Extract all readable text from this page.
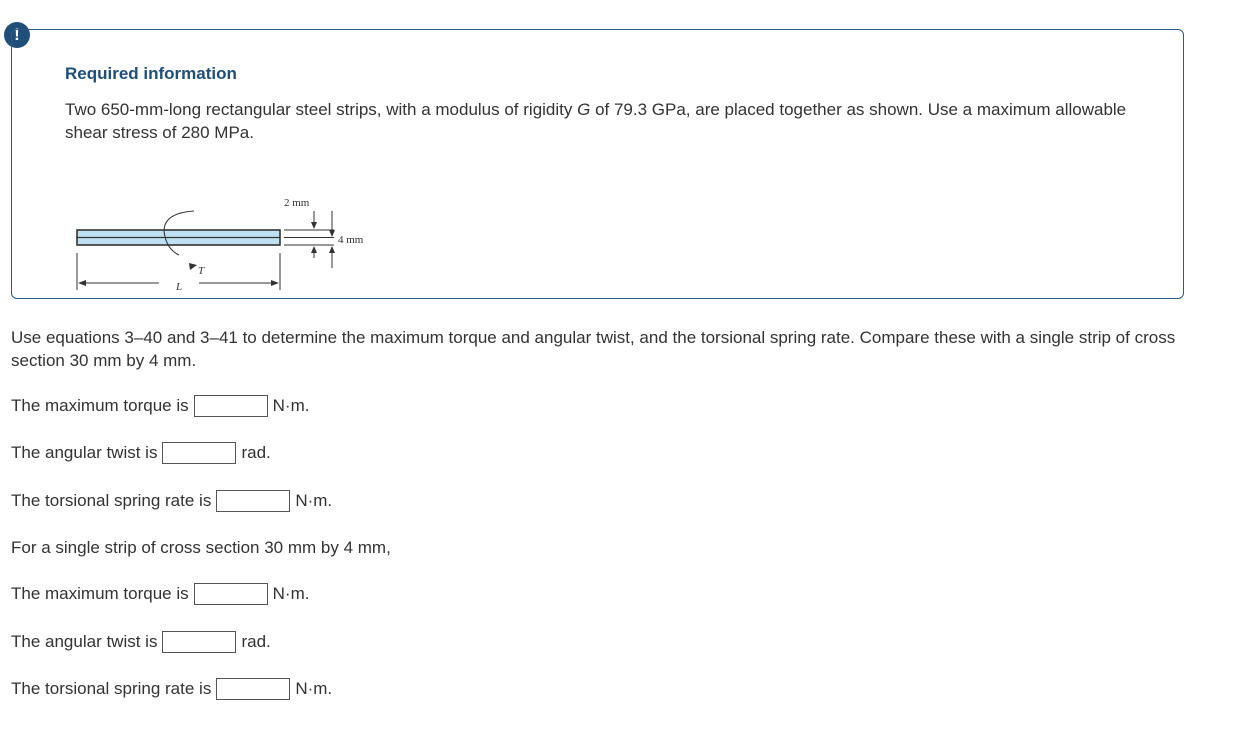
!
Required information

Two 650-mm-long rectangular steel strips, with a modulus of rigidity G of 79.3 GPa, are placed together as shown. Use a maximum allowable shear stress of 280 MPa.

T
L
2 mm
4 mm

Use equations 3–40 and 3–41 to determine the maximum torque and angular twist, and the torsional spring rate. Compare these with a single strip of cross section 30 mm by 4 mm.

The maximum torque is	N·m.
The angular twist is	rad.
The torsional spring rate is	N·m.
For a single strip of cross section 30 mm by 4 mm,
The maximum torque is	N·m.
The angular twist is	rad.
The torsional spring rate is	N·m.
